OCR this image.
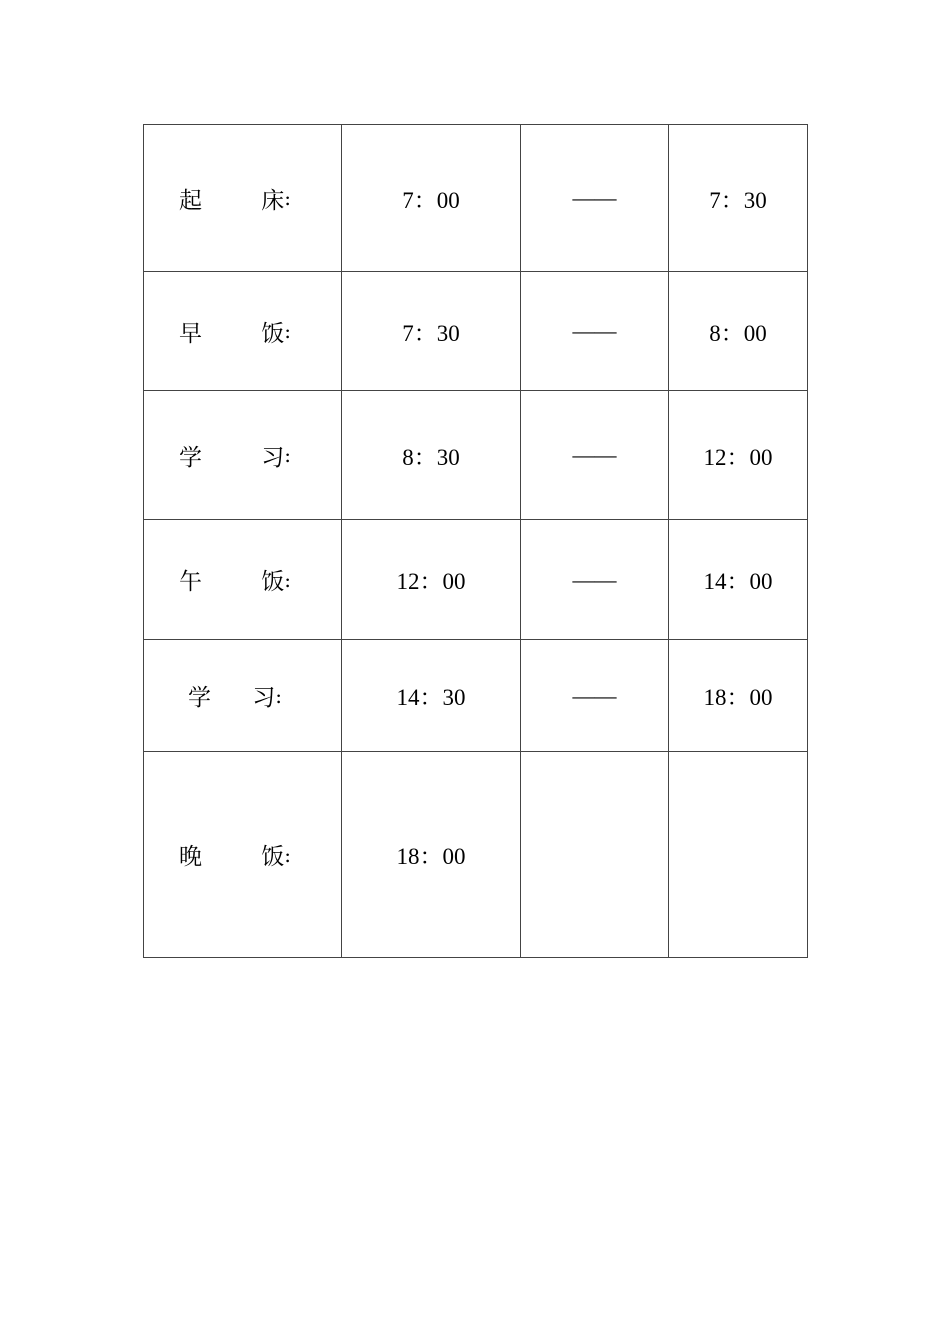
起 床 :	7：00	——	7：30

早 饭 :	7：30	——	8：00

学 习 :	8：30	——	12：00

午 饭 :	12：00	——	14：00

学 习 :	14：30	——	18：00

晚 饭 :	18：00		
